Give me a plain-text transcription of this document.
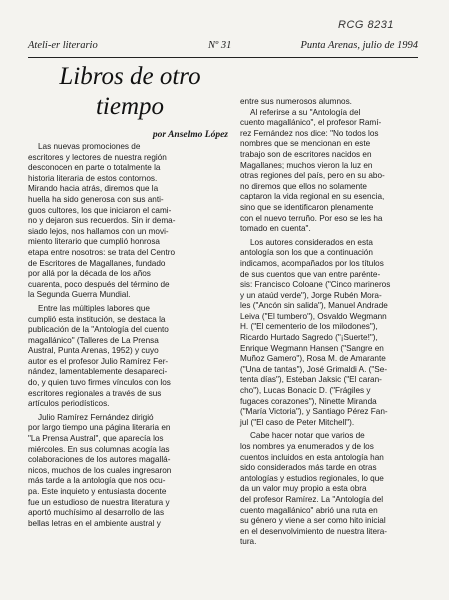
RCG 8231
Ateli-er literario	Nº 31	Punta Arenas, julio de 1994
Libros de otro
tiempo
por Anselmo López
Las nuevas promociones de
escritores y lectores de nuestra región
desconocen en parte o totalmente la
historia literaria de estos contornos.
Mirando hacia atrás, diremos que la
huella ha sido generosa con sus anti-
guos cultores, los que iniciaron el cami-
no y dejaron sus recuerdos. Sin ir dema-
siado lejos, nos hallamos con un movi-
miento literario que cumplió honrosa
etapa entre nosotros: se trata del Centro
de Escritores de Magallanes, fundado
por allá por la década de los años
cuarenta, poco después del término de
la Segunda Guerra Mundial.
Entre las múltiples labores que
cumplió esta institución, se destaca la
publicación de la "Antología del cuento
magallánico" (Talleres de La Prensa
Austral, Punta Arenas, 1952) y cuyo
autor es el profesor Julio Ramírez Fer-
nández, lamentablemente desapareci-
do, y quien tuvo firmes vínculos con los
escritores regionales a través de sus
artículos periodísticos.
Julio Ramírez Fernández dirigió
por largo tiempo una página literaria en
"La Prensa Austral", que aparecía los
miércoles. En sus columnas acogía las
colaboraciones de los autores magallá-
nicos, muchos de los cuales ingresaron
más tarde a la antología que nos ocu-
pa. Este inquieto y entusiasta docente
fue un estudioso de nuestra literatura y
aportó muchísimo al desarrollo de las
bellas letras en el ambiente austral y
entre sus numerosos alumnos.
Al referirse a su "Antología del
cuento magallánico", el profesor Ramí-
rez Fernández nos dice: "No todos los
nombres que se mencionan en este
trabajo son de escritores nacidos en
Magallanes; muchos vieron la luz en
otras regiones del país, pero en su abo-
no diremos que ellos no solamente
captaron la vida regional en su esencia,
sino que se identificaron plenamente
con el nuevo terruño. Por eso se les ha
tomado en cuenta".
Los autores considerados en esta
antología son los que a continuación
indicamos, acompañados por los títulos
de sus cuentos que van entre parénte-
sis: Francisco Coloane ("Cinco marineros
y un ataúd verde"), Jorge Rubén Mora-
les ("Ancón sin salida"), Manuel Andrade
Leiva ("El tumbero"), Osvaldo Wegmann
H. ("El cementerio de los milodones"),
Ricardo Hurtado Sagredo ("¡Suerte!"),
Enrique Wegmann Hansen ("Sangre en
Muñoz Gamero"), Rosa M. de Amarante
("Una de tantas"), José Grimaldi A. ("Se-
tenta días"), Esteban Jaksic ("El caran-
cho"), Lucas Bonacic D. ("Frágiles y
fugaces corazones"), Ninette Miranda
("María Victoria"), y Santiago Pérez Fan-
jul ("El caso de Peter Mitchell").
Cabe hacer notar que varios de
los nombres ya enumerados y de los
cuentos incluidos en esta antología han
sido considerados más tarde en otras
antologías y estudios regionales, lo que
da un valor muy propio a esta obra
del profesor Ramírez. La "Antología del
cuento magallánico" abrió una ruta en
su género y viene a ser como hito inicial
en el desenvolvimiento de nuestra litera-
tura.
